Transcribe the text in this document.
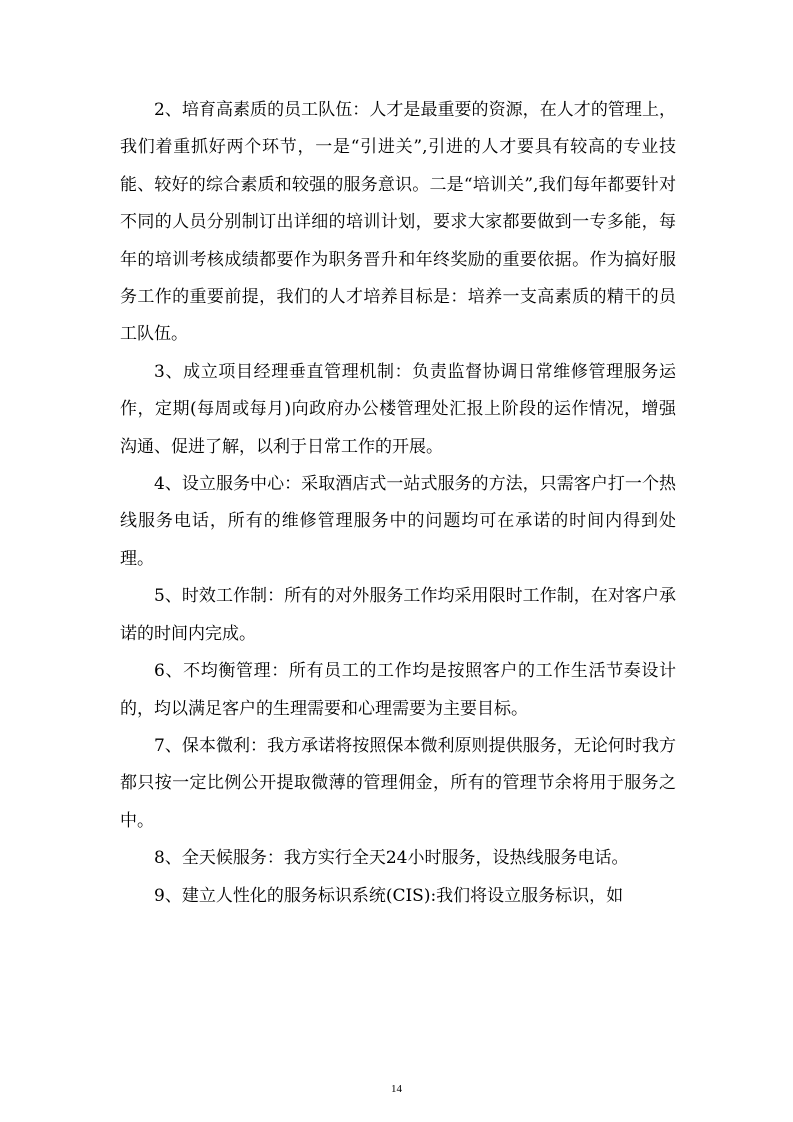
2、培育高素质的员工队伍：人才是最重要的资源，在人才的管理上，我们着重抓好两个环节，一是“引进关”,引进的人才要具有较高的专业技能、较好的综合素质和较强的服务意识。二是“培训关”,我们每年都要针对不同的人员分别制订出详细的培训计划，要求大家都要做到一专多能，每年的培训考核成绩都要作为职务晋升和年终奖励的重要依据。作为搞好服务工作的重要前提，我们的人才培养目标是：培养一支高素质的精干的员工队伍。

3、成立项目经理垂直管理机制：负责监督协调日常维修管理服务运作，定期(每周或每月)向政府办公楼管理处汇报上阶段的运作情况，增强沟通、促进了解，以利于日常工作的开展。

4、设立服务中心：采取酒店式一站式服务的方法，只需客户打一个热线服务电话，所有的维修管理服务中的问题均可在承诺的时间内得到处理。

5、时效工作制：所有的对外服务工作均采用限时工作制，在对客户承诺的时间内完成。

6、不均衡管理：所有员工的工作均是按照客户的工作生活节奏设计的，均以满足客户的生理需要和心理需要为主要目标。

7、保本微利：我方承诺将按照保本微利原则提供服务，无论何时我方都只按一定比例公开提取微薄的管理佣金，所有的管理节余将用于服务之中。

8、全天候服务：我方实行全天24小时服务，设热线服务电话。

9、建立人性化的服务标识系统(CIS):我们将设立服务标识，如

14
